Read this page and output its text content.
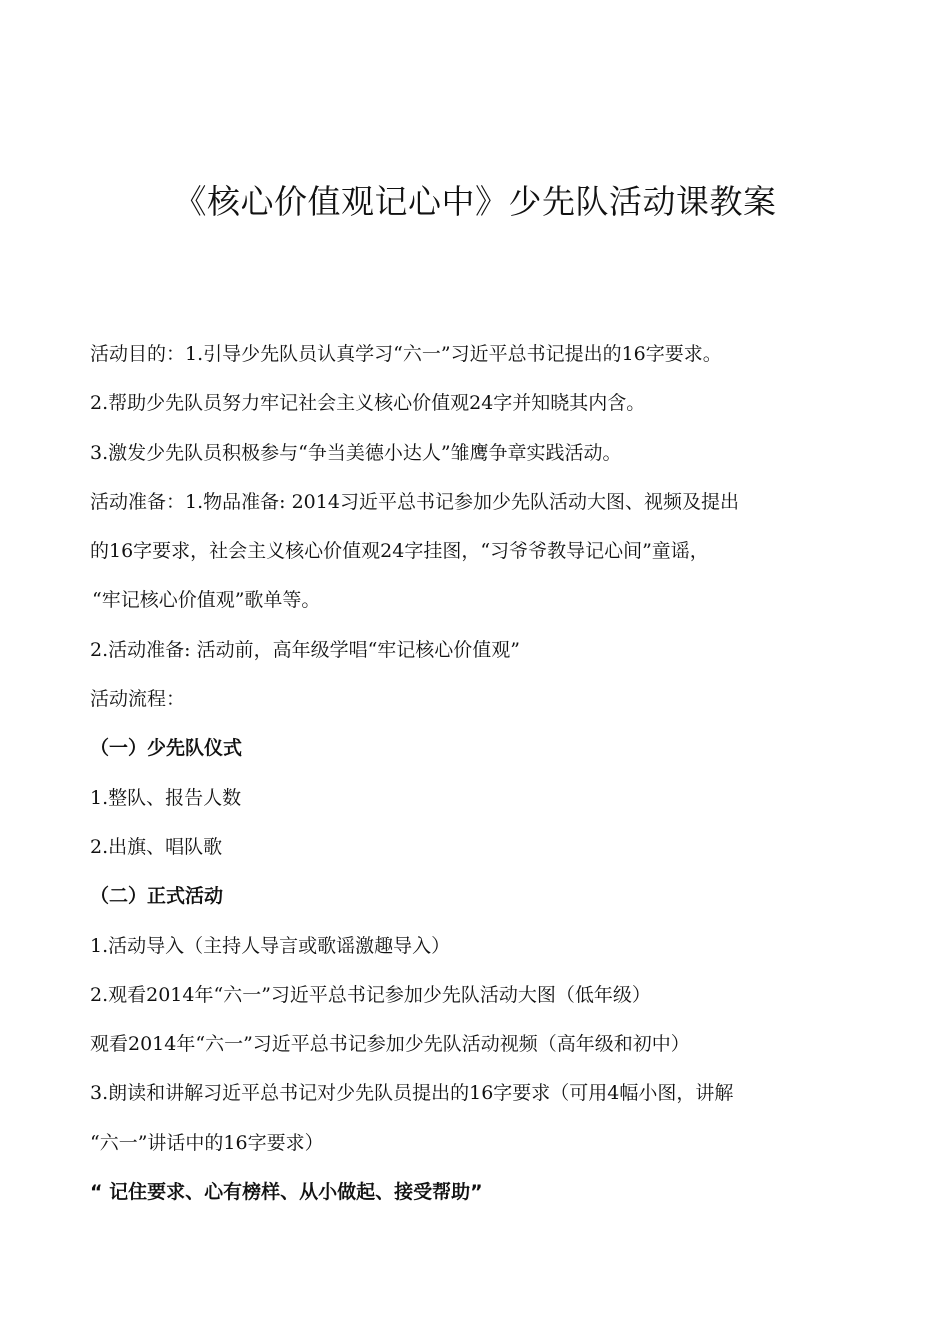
《核心价值观记心中》少先队活动课教案
活动目的：1.引导少先队员认真学习“六一”习近平总书记提出的16字要求。
2.帮助少先队员努力牢记社会主义核心价值观24字并知晓其内含。
3.激发少先队员积极参与“争当美德小达人”雏鹰争章实践活动。
活动准备：1.物品准备: 2014习近平总书记参加少先队活动大图、视频及提出
的16字要求，社会主义核心价值观24字挂图，“习爷爷教导记心间”童谣，
“牢记核心价值观”歌单等。
2.活动准备: 活动前，高年级学唱“牢记核心价值观”
活动流程：
（一）少先队仪式
1.整队、报告人数
2.出旗、唱队歌
（二）正式活动
1.活动导入（主持人导言或歌谣激趣导入）
2.观看2014年“六一”习近平总书记参加少先队活动大图（低年级）
观看2014年“六一”习近平总书记参加少先队活动视频（高年级和初中）
3.朗读和讲解习近平总书记对少先队员提出的16字要求（可用4幅小图，讲解
“六一”讲话中的16字要求）
“ 记住要求、心有榜样、从小做起、接受帮助”
